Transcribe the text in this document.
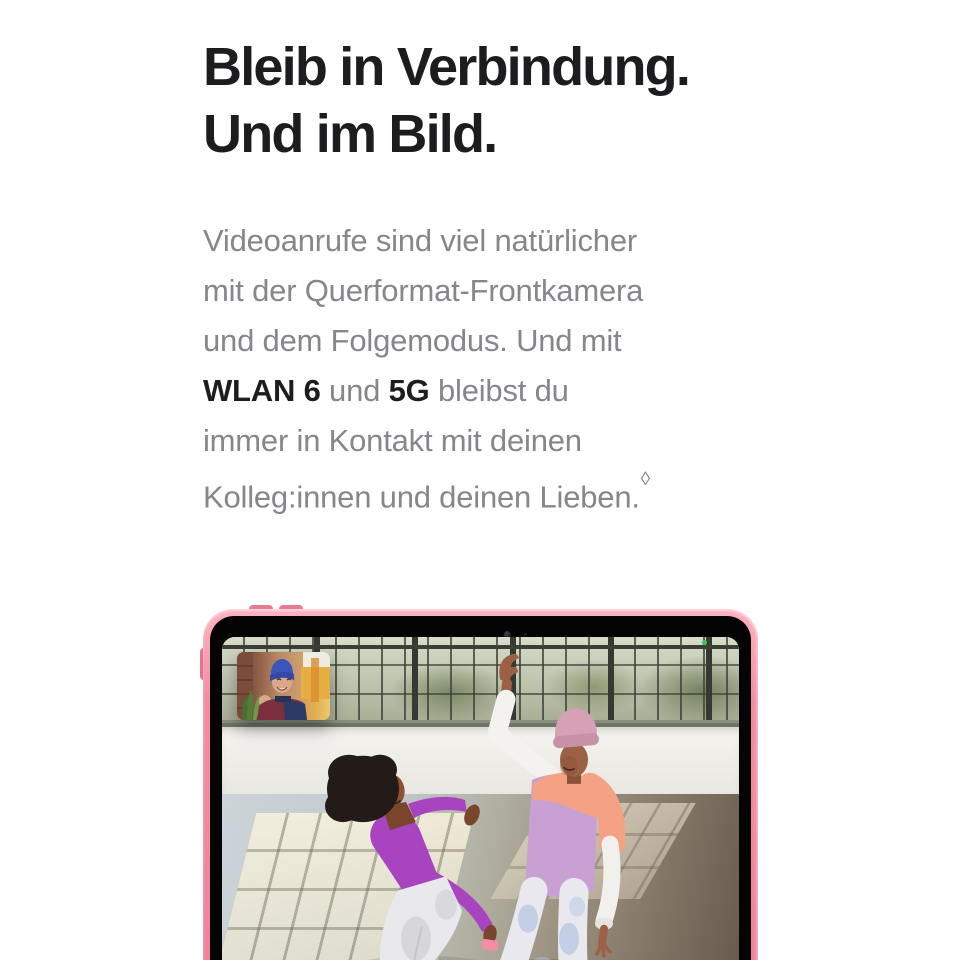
Bleib in Verbindung.
Und im Bild.

Videoanrufe sind viel natürlicher
mit der Querformat-Frontkamera
und dem Folgemodus. Und mit
WLAN 6 und 5G bleibst du
immer in Kontakt mit deinen
Kolleg:innen und deinen Lieben.◊
